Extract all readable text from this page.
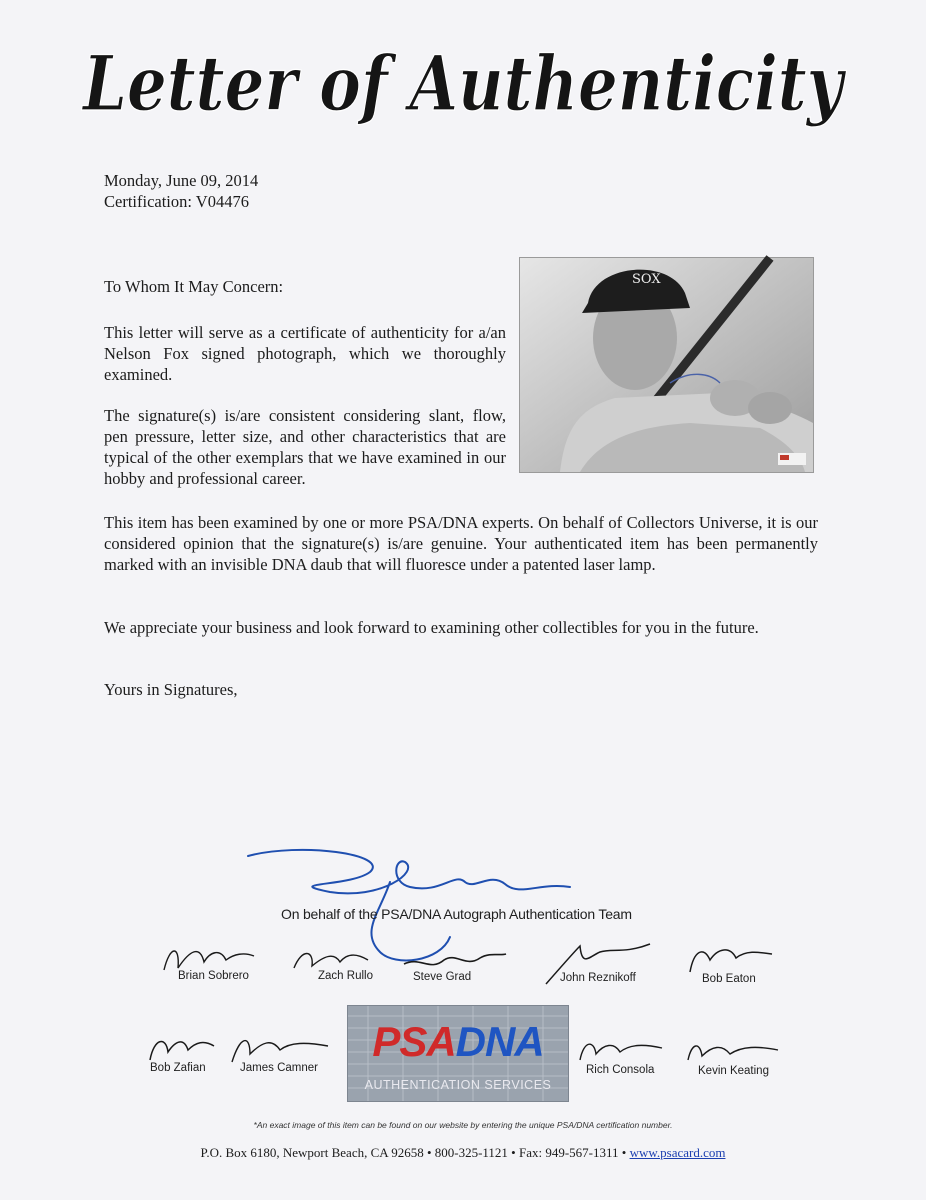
Letter of Authenticity
Monday, June 09, 2014
Certification: V04476
SOX
To Whom It May Concern:
This letter will serve as a certificate of authenticity for a/an Nelson Fox signed photograph, which we thoroughly examined.
The signature(s) is/are consistent considering slant, flow, pen pressure, letter size, and other characteristics that are typical of the other exemplars that we have examined in our hobby and professional career.
This item has been examined by one or more PSA/DNA experts. On behalf of Collectors Universe, it is our considered opinion that the signature(s) is/are genuine. Your authenticated item has been permanently marked with an invisible DNA daub that will fluoresce under a patented laser lamp.
We appreciate your business and look forward to examining other collectibles for you in the future.
Yours in Signatures,
On behalf of the PSA/DNA Autograph Authentication Team
Brian Sobrero	Zach Rullo	Steve Grad	John Reznikoff	Bob Eaton
Bob Zafian	James Camner	Rich Consola	Kevin Keating
PSADNA
AUTHENTICATION SERVICES
*An exact image of this item can be found on our website by entering the unique PSA/DNA certification number.
P.O. Box 6180, Newport Beach, CA 92658 • 800-325-1121 • Fax: 949-567-1311 • www.psacard.com
